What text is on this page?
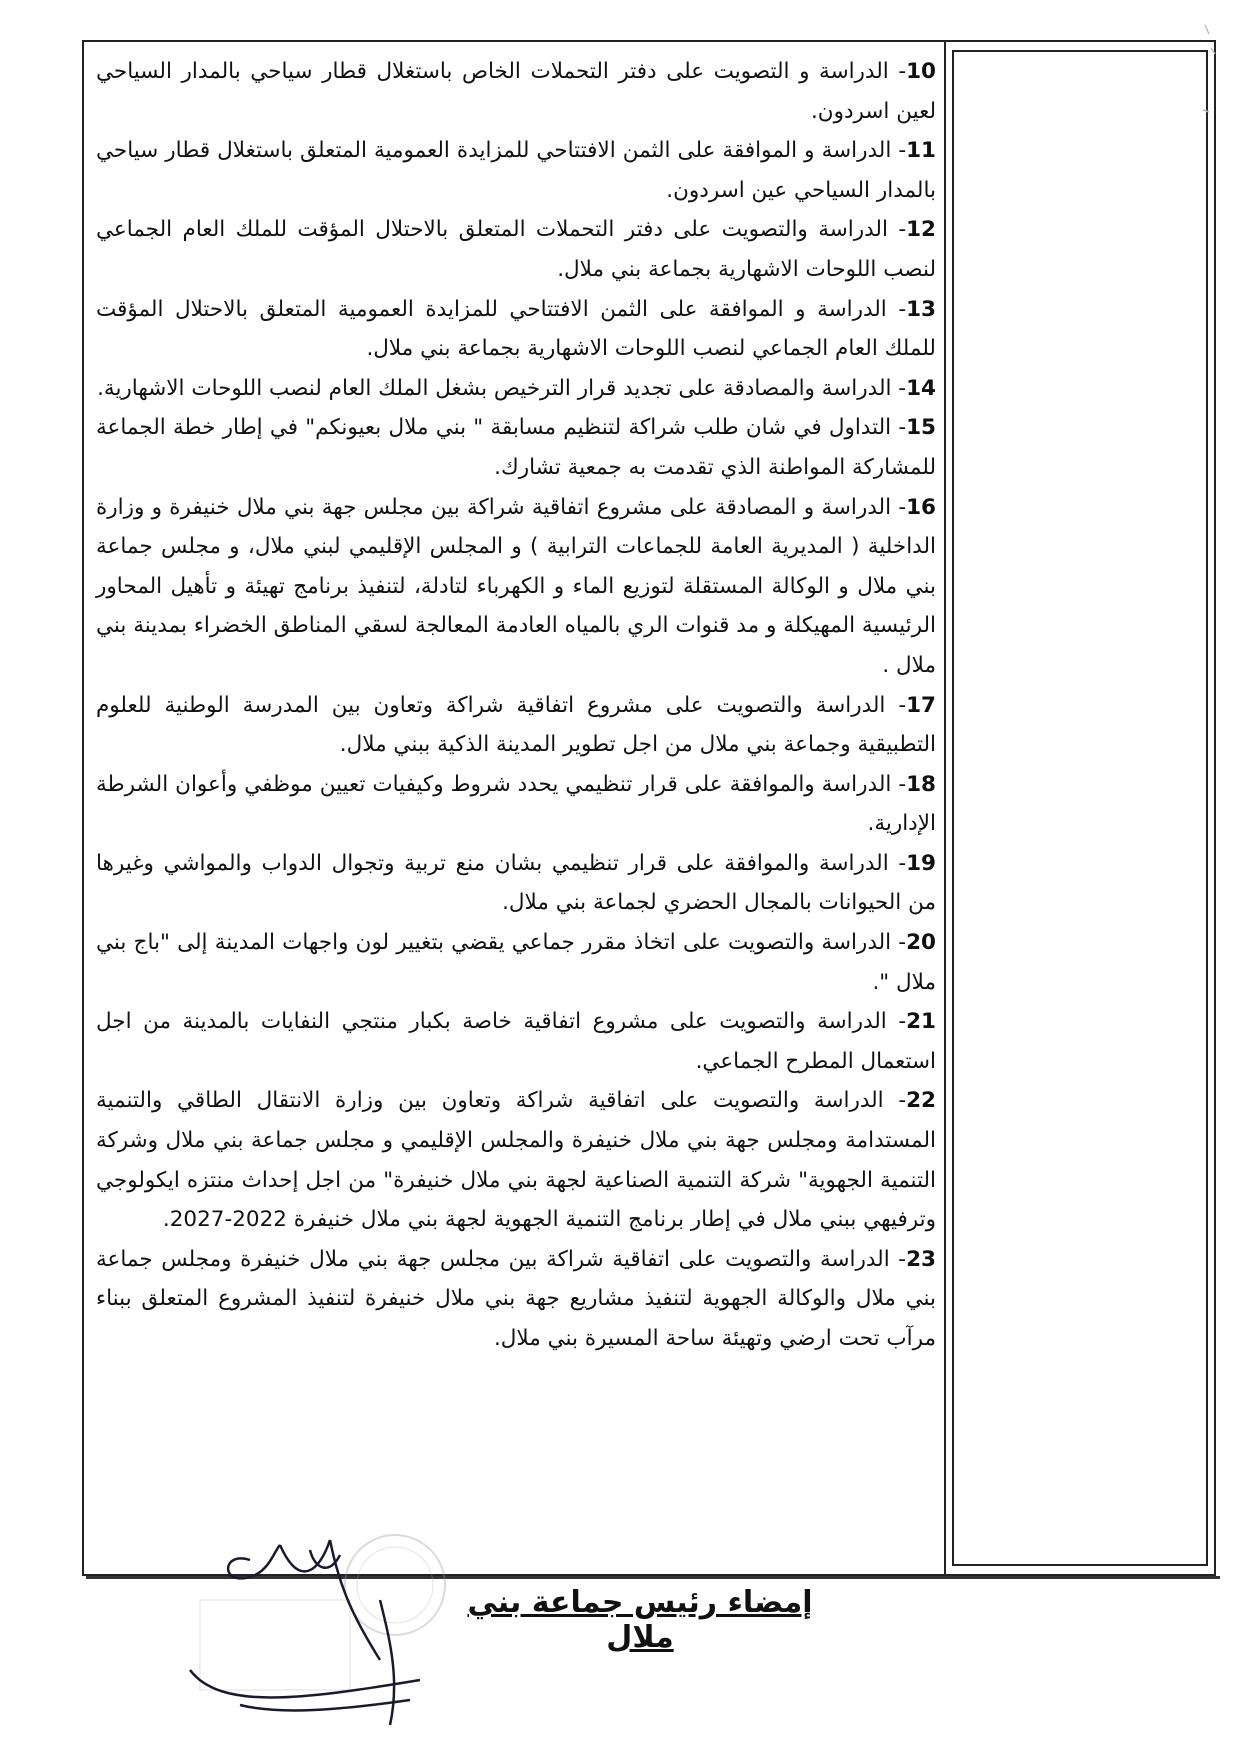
10- الدراسة و التصويت على دفتر التحملات الخاص باستغلال قطار سياحي بالمدار السياحي لعين اسردون.

11- الدراسة و الموافقة على الثمن الافتتاحي للمزايدة العمومية المتعلق باستغلال قطار سياحي بالمدار السياحي عين اسردون.

12- الدراسة والتصويت على دفتر التحملات المتعلق بالاحتلال المؤقت للملك العام الجماعي لنصب اللوحات الاشهارية بجماعة بني ملال.

13- الدراسة و الموافقة على الثمن الافتتاحي للمزايدة العمومية المتعلق بالاحتلال المؤقت للملك العام الجماعي لنصب اللوحات الاشهارية بجماعة بني ملال.

14- الدراسة والمصادقة على تجديد قرار الترخيص بشغل الملك العام لنصب اللوحات الاشهارية.

15- التداول في شان طلب شراكة لتنظيم مسابقة " بني ملال بعيونكم" في إطار خطة الجماعة للمشاركة المواطنة الذي تقدمت به جمعية تشارك.

16- الدراسة و المصادقة على مشروع اتفاقية شراكة بين مجلس جهة بني ملال خنيفرة و وزارة الداخلية ( المديرية العامة للجماعات الترابية ) و المجلس الإقليمي لبني ملال، و مجلس جماعة بني ملال و الوكالة المستقلة لتوزيع الماء و الكهرباء لتادلة، لتنفيذ برنامج تهيئة و تأهيل المحاور الرئيسية المهيكلة و مد قنوات الري بالمياه العادمة المعالجة لسقي المناطق الخضراء بمدينة بني ملال .

17- الدراسة والتصويت على مشروع اتفاقية شراكة وتعاون بين المدرسة الوطنية للعلوم التطبيقية وجماعة بني ملال من اجل تطوير المدينة الذكية ببني ملال.

18- الدراسة والموافقة على قرار تنظيمي يحدد شروط وكيفيات تعيين موظفي وأعوان الشرطة الإدارية.

19- الدراسة والموافقة على قرار تنظيمي بشان منع تربية وتجوال الدواب والمواشي وغيرها من الحيوانات بالمجال الحضري لجماعة بني ملال.

20- الدراسة والتصويت على اتخاذ مقرر جماعي يقضي بتغيير لون واجهات المدينة إلى "باج بني ملال ".

21- الدراسة والتصويت على مشروع اتفاقية خاصة بكبار منتجي النفايات بالمدينة من اجل استعمال المطرح الجماعي.

22- الدراسة والتصويت على اتفاقية شراكة وتعاون بين وزارة الانتقال الطاقي والتنمية المستدامة ومجلس جهة بني ملال خنيفرة والمجلس الإقليمي و مجلس جماعة بني ملال وشركة التنمية الجهوية" شركة التنمية الصناعية لجهة بني ملال خنيفرة" من اجل إحداث منتزه ايكولوجي وترفيهي ببني ملال في إطار برنامج التنمية الجهوية لجهة بني ملال خنيفرة 2022-2027.

23- الدراسة والتصويت على اتفاقية شراكة بين مجلس جهة بني ملال خنيفرة ومجلس جماعة بني ملال والوكالة الجهوية لتنفيذ مشاريع جهة بني ملال خنيفرة لتنفيذ المشروع المتعلق ببناء مرآب تحت ارضي وتهيئة ساحة المسيرة بني ملال.

إمضاء رئيس جماعة بني ملال
